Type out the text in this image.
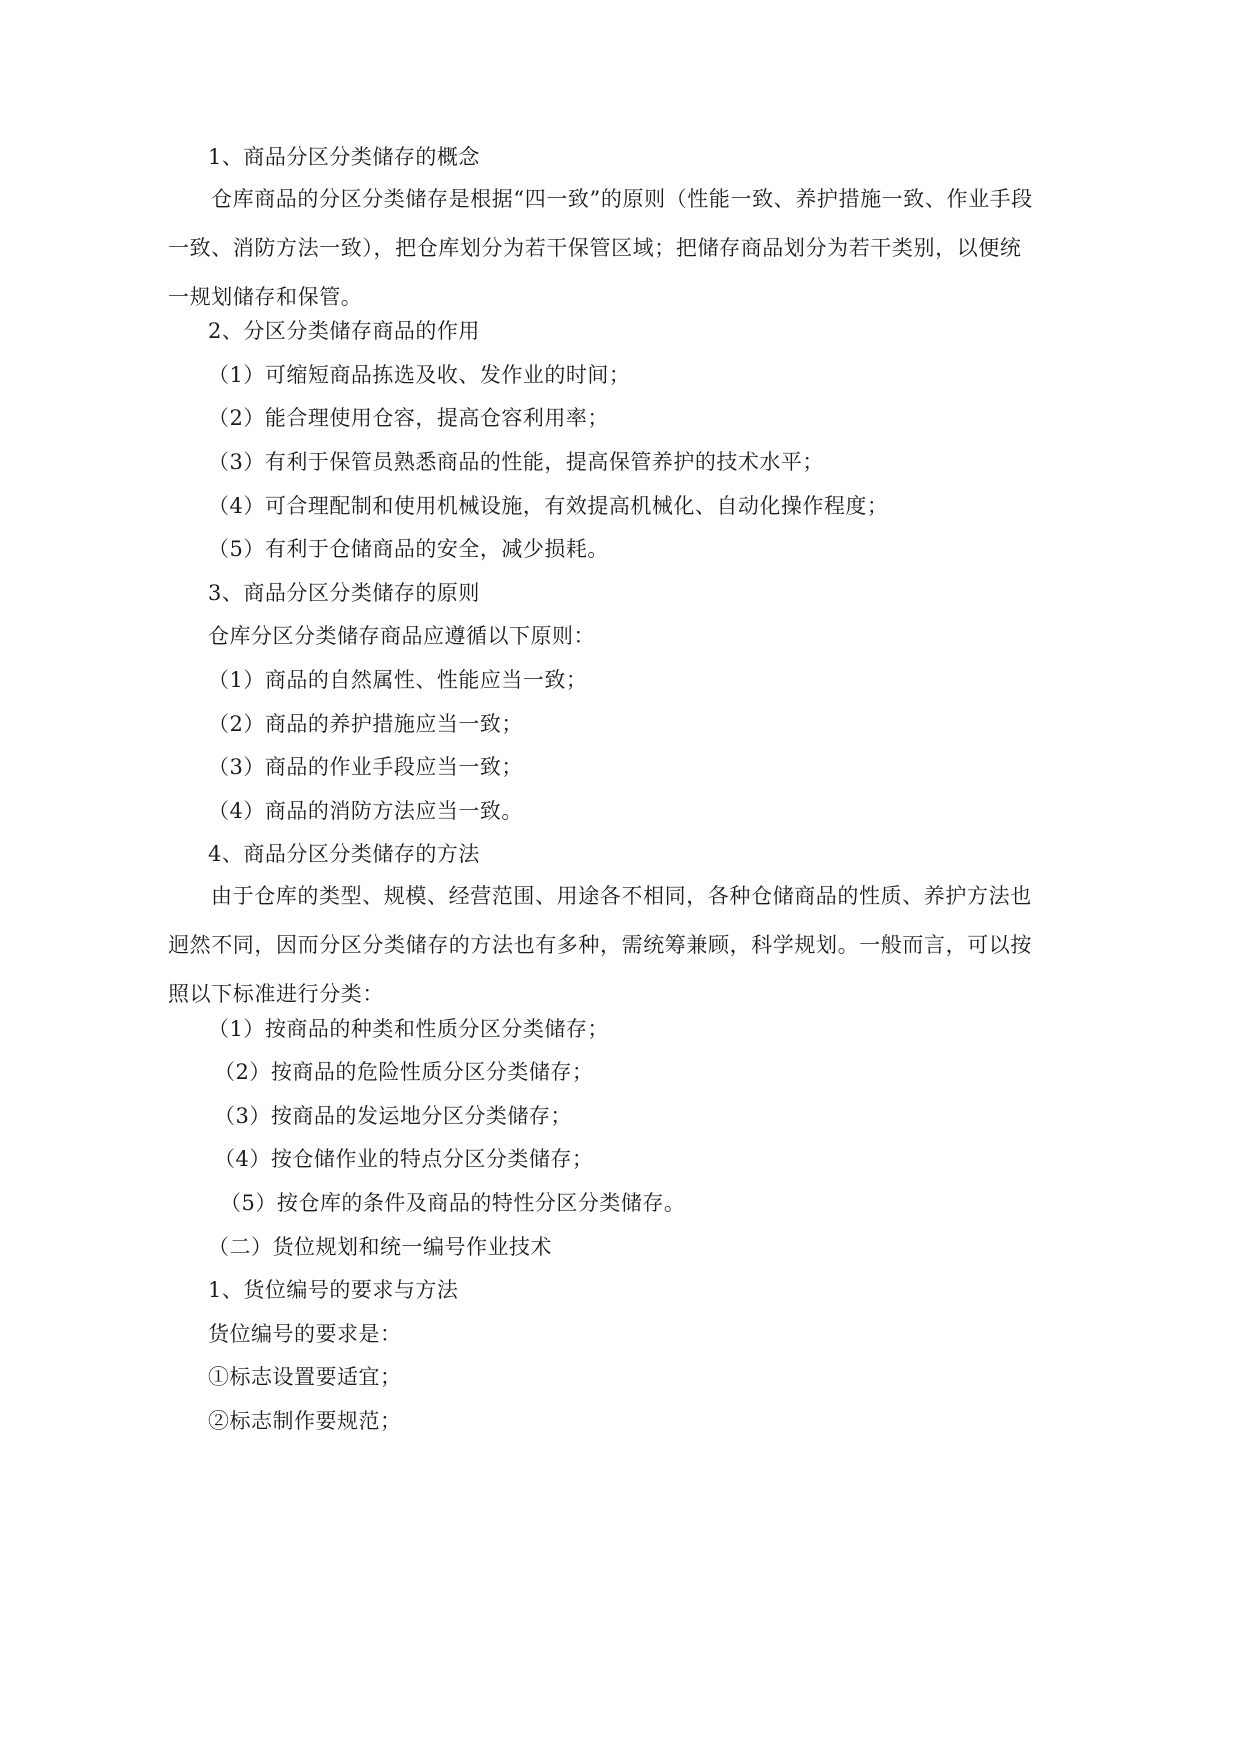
1、商品分区分类储存的概念
仓库商品的分区分类储存是根据“四一致”的原则（性能一致、养护措施一致、作业手段一致、消防方法一致），把仓库划分为若干保管区域；把储存商品划分为若干类别，以便统一规划储存和保管。
2、分区分类储存商品的作用
（1）可缩短商品拣选及收、发作业的时间；
（2）能合理使用仓容，提高仓容利用率；
（3）有利于保管员熟悉商品的性能，提高保管养护的技术水平；
（4）可合理配制和使用机械设施，有效提高机械化、自动化操作程度；
（5）有利于仓储商品的安全，减少损耗。
3、商品分区分类储存的原则
仓库分区分类储存商品应遵循以下原则：
（1）商品的自然属性、性能应当一致；
（2）商品的养护措施应当一致；
（3）商品的作业手段应当一致；
（4）商品的消防方法应当一致。
4、商品分区分类储存的方法
由于仓库的类型、规模、经营范围、用途各不相同，各种仓储商品的性质、养护方法也迥然不同，因而分区分类储存的方法也有多种，需统筹兼顾，科学规划。一般而言，可以按照以下标准进行分类：
（1）按商品的种类和性质分区分类储存；
（2）按商品的危险性质分区分类储存；
（3）按商品的发运地分区分类储存；
（4）按仓储作业的特点分区分类储存；
（5）按仓库的条件及商品的特性分区分类储存。
（二）货位规划和统一编号作业技术
1、货位编号的要求与方法
货位编号的要求是：
①标志设置要适宜；
②标志制作要规范；
